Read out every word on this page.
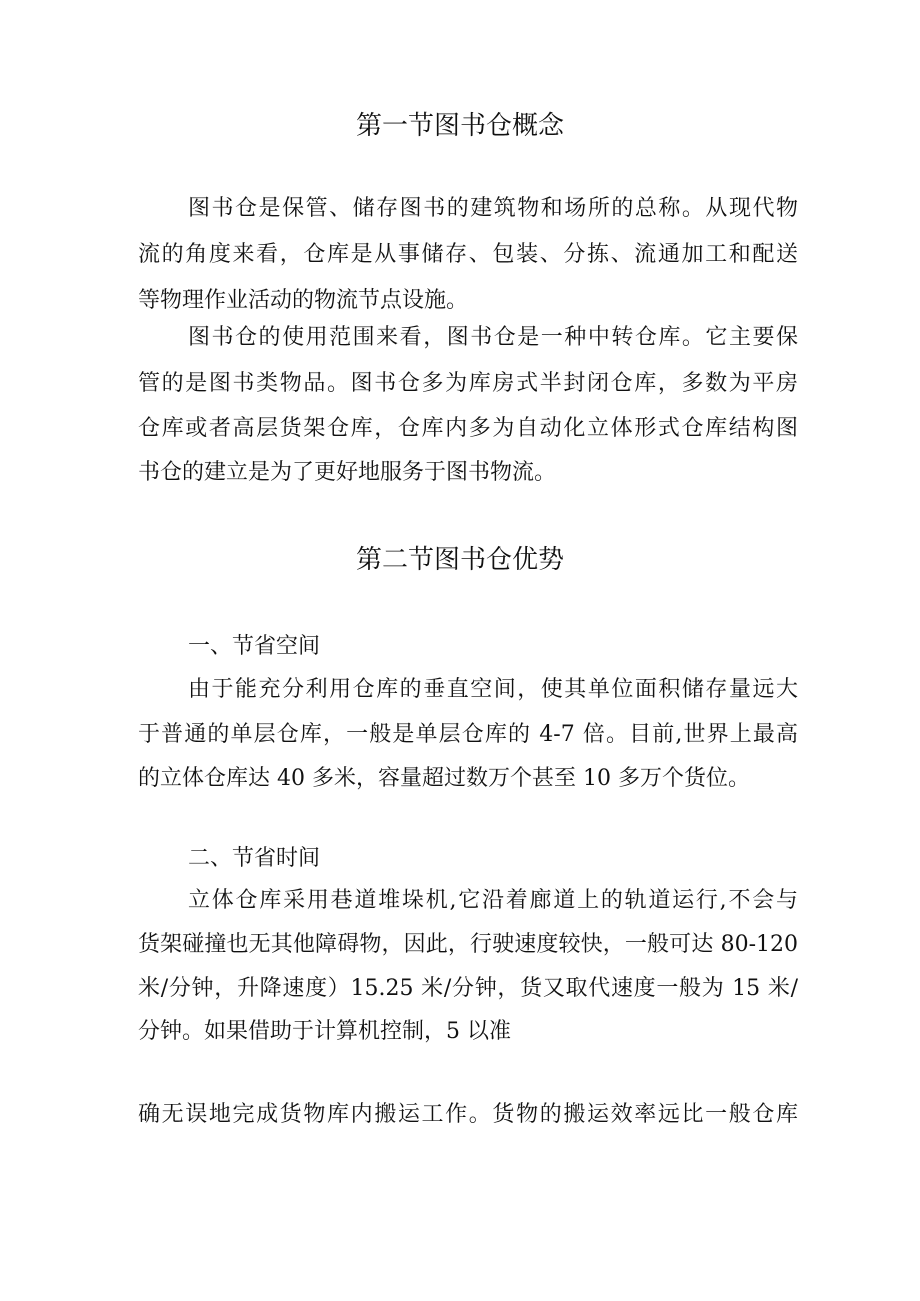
第一节图书仓概念

图书仓是保管、储存图书的建筑物和场所的总称。从现代物

流的角度来看，仓库是从事储存、包装、分拣、流通加工和配送

等物理作业活动的物流节点设施。

图书仓的使用范围来看，图书仓是一种中转仓库。它主要保

管的是图书类物品。图书仓多为库房式半封闭仓库，多数为平房

仓库或者高层货架仓库，仓库内多为自动化立体形式仓库结构图

书仓的建立是为了更好地服务于图书物流。

第二节图书仓优势

一、节省空间

由于能充分利用仓库的垂直空间，使其单位面积储存量远大

于普通的单层仓库，一般是单层仓库的 4-7 倍。目前,世界上最高

的立体仓库达 40 多米，容量超过数万个甚至 10 多万个货位。

二、节省时间

立体仓库采用巷道堆垛机,它沿着廊道上的轨道运行,不会与

货架碰撞也无其他障碍物，因此，行驶速度较快，一般可达 80-120

米/分钟，升降速度）15.25 米/分钟，货又取代速度一般为 15 米/

分钟。如果借助于计算机控制，5 以准

确无误地完成货物库内搬运工作。货物的搬运效率远比一般仓库
